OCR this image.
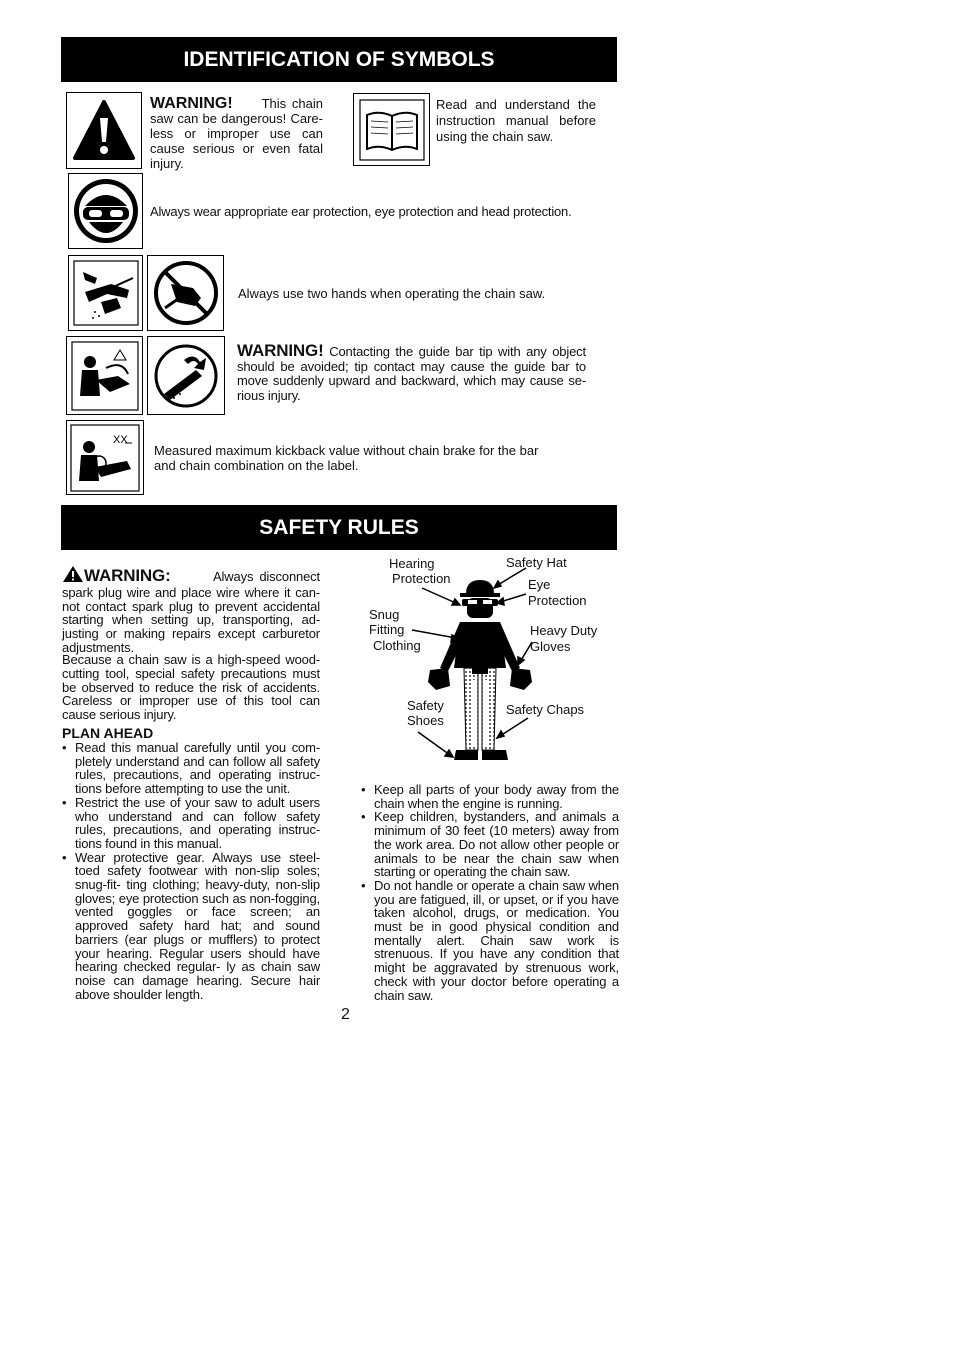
IDENTIFICATION OF SYMBOLS
WARNING! This chain saw can be dangerous! Care- less or improper use can cause serious or even fatal injury.
Read and understand the instruction manual before using the chain saw.
Always wear appropriate ear protection, eye protection and head protection.
Always use two hands when operating the chain saw.
WARNING! Contacting the guide bar tip with any object should be avoided; tip contact may cause the guide bar to move suddenly upward and backward, which may cause se- rious injury.
XX
Measured maximum kickback value without chain brake for the bar and chain combination on the label.
SAFETY RULES
WARNING:	Always disconnect spark plug wire and place wire where it can- not contact spark plug to prevent accidental starting when setting up, transporting, ad- justing or making repairs except carburetor adjustments.
Because a chain saw is a high-speed wood- cutting tool, special safety precautions must be observed to reduce the risk of accidents. Careless or improper use of this tool can cause serious injury.
PLAN AHEAD
• Read this manual carefully until you com- pletely understand and can follow all safety rules, precautions, and operating instruc- tions before attempting to use the unit.
• Restrict the use of your saw to adult users who understand and can follow safety rules, precautions, and operating instruc- tions found in this manual.
• Wear protective gear. Always use steel-toed safety footwear with non-slip soles; snug-fit- ting clothing; heavy-duty, non-slip gloves; eye protection such as non-fogging, vented goggles or face screen; an approved safety hard hat; and sound barriers (ear plugs or mufflers) to protect your hearing. Regular users should have hearing checked regular- ly as chain saw noise can damage hearing. Secure hair above shoulder length.
Hearing
Protection
Safety Hat
Eye
Protection
Snug
Fitting
Clothing
Heavy Duty
Gloves
Safety
Shoes
Safety Chaps
• Keep all parts of your body away from the chain when the engine is running.
• Keep children, bystanders, and animals a minimum of 30 feet (10 meters) away from the work area. Do not allow other people or animals to be near the chain saw when starting or operating the chain saw.
• Do not handle or operate a chain saw when you are fatigued, ill, or upset, or if you have taken alcohol, drugs, or medication. You must be in good physical condition and mentally alert. Chain saw work is strenuous. If you have any condition that might be aggravated by strenuous work, check with your doctor before operating a chain saw.
2
